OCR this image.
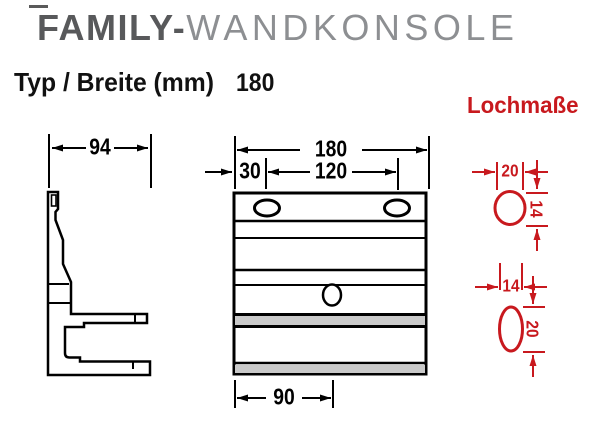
FAMILY-WANDKONSOLE
Typ / Breite (mm) 180
Lochmaße
94	180
30 120
90
20
14
14
20
